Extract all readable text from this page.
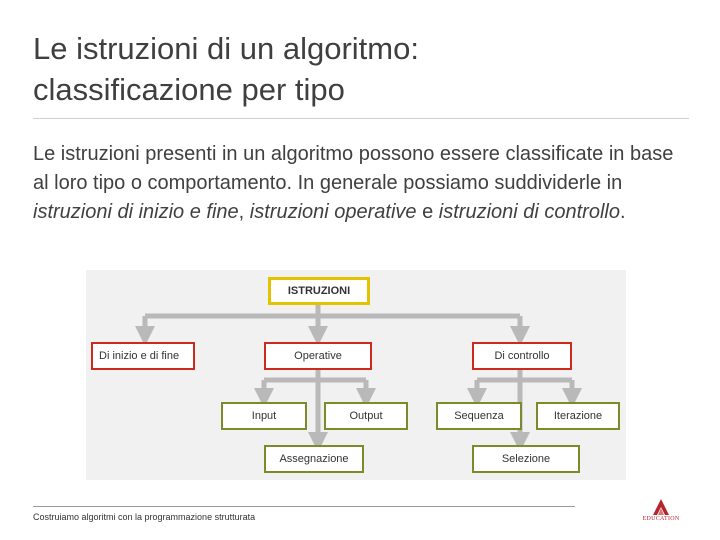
Le istruzioni di un algoritmo:
classificazione per tipo

Le istruzioni presenti in un algoritmo possono essere classificate in base al loro tipo o comportamento. In generale possiamo suddividerle in istruzioni di inizio e fine, istruzioni operative e istruzioni di controllo.

ISTRUZIONI
Di inizio e di fine	Operative	Di controllo
Input	Output
Assegnazione
Sequenza	Iterazione
Selezione

Costruiamo algoritmi con la programmazione strutturata	EDUCATION
